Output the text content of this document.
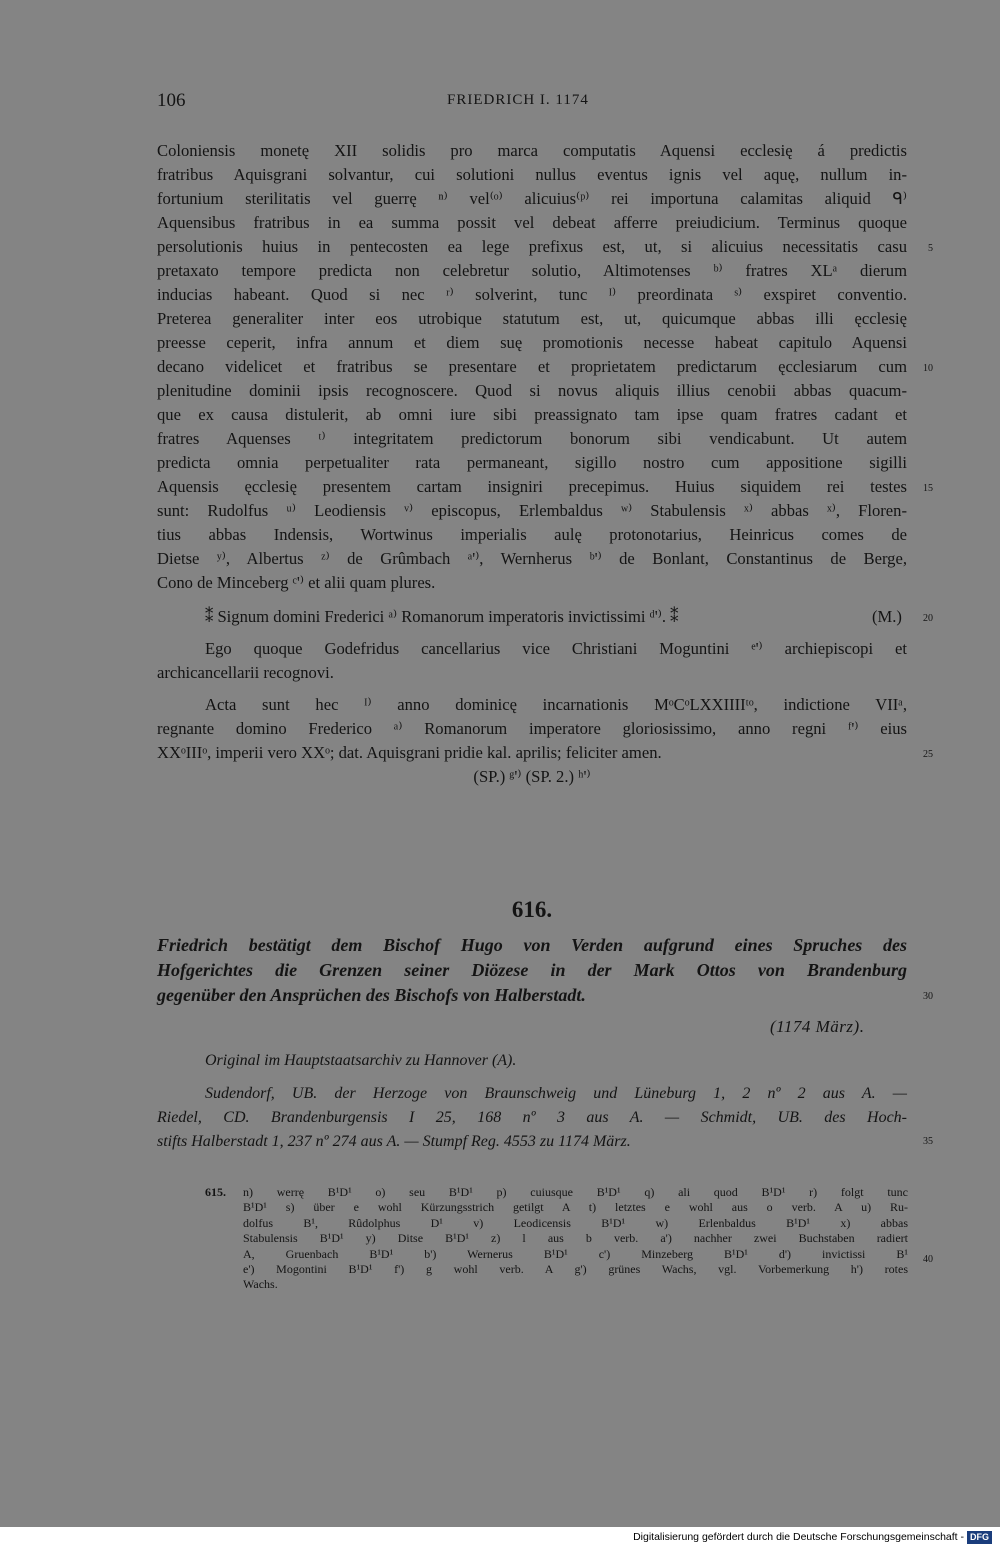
106	FRIEDRICH I. 1174
Coloniensis monetę XII solidis pro marca computatis Aquensi ecclesię á predictis
fratribus Aquisgrani solvantur, cui solutioni nullus eventus ignis vel aquę, nullum in-
fortunium sterilitatis vel guerrę ⁿ⁾ vel⁽ᵒ⁾ alicuius⁽ᵖ⁾ rei importuna calamitas aliquid ᑫ⁾
Aquensibus fratribus in ea summa possit vel debeat afferre preiudicium. Terminus quoque
persolutionis huius in pentecosten ea lege prefixus est, ut, si alicuius necessitatis casu
pretaxato tempore predicta non celebretur solutio, Altimotenses ᵇ⁾ fratres XLᵃ dierum
inducias habeant. Quod si nec ʳ⁾ solverint, tunc ᴵ⁾ preordinata ˢ⁾ exspiret conventio.
Preterea generaliter inter eos utrobique statutum est, ut, quicumque abbas illi ęcclesię
preesse ceperit, infra annum et diem suę promotionis necesse habeat capitulo Aquensi
decano videlicet et fratribus se presentare et proprietatem predictarum ęcclesiarum cum
plenitudine dominii ipsis recognoscere. Quod si novus aliquis illius cenobii abbas quacum-
que ex causa distulerit, ab omni iure sibi preassignato tam ipse quam fratres cadant et
fratres Aquenses ᵗ⁾ integritatem predictorum bonorum sibi vendicabunt. Ut autem
predicta omnia perpetualiter rata permaneant, sigillo nostro cum appositione sigilli
Aquensis ęcclesię presentem cartam insigniri precepimus. Huius siquidem rei testes
sunt: Rudolfus ᵘ⁾ Leodiensis ᵛ⁾ episcopus, Erlembaldus ʷ⁾ Stabulensis ˣ⁾ abbas ˣ⁾, Floren-
tius abbas Indensis, Wortwinus imperialis aulę protonotarius, Heinricus comes de
Dietse ʸ⁾, Albertus ᶻ⁾ de Grûmbach ᵃ'⁾, Wernherus ᵇ'⁾ de Bonlant, Constantinus de Berge,
Cono de Minceberg ᶜ'⁾ et alii quam plures.
⁑ Signum domini Frederici ᵃ⁾ Romanorum imperatoris invictissimi ᵈ'⁾. ⁑	(M.)
Ego quoque Godefridus cancellarius vice Christiani Moguntini ᵉ'⁾ archiepiscopi et
archicancellarii recognovi.
Acta sunt hec ᴵ⁾ anno dominicę incarnationis MᵒCᵒLXXIIIIᵗᵒ, indictione VIIᵃ,
regnante domino Frederico ᵃ⁾ Romanorum imperatore gloriosissimo, anno regni ᶠ'⁾ eius
XXᵒIIIᵒ, imperii vero XXᵒ; dat. Aquisgrani pridie kal. aprilis; feliciter amen.
(SP.) ᵍ'⁾ (SP. 2.) ʰ'⁾
5
10
15
20
25
30
35
40
616.
Friedrich bestätigt dem Bischof Hugo von Verden aufgrund eines Spruches des
Hofgerichtes die Grenzen seiner Diözese in der Mark Ottos von Brandenburg
gegenüber den Ansprüchen des Bischofs von Halberstadt.
(1174 März).
Original im Hauptstaatsarchiv zu Hannover (A).
Sudendorf, UB. der Herzoge von Braunschweig und Lüneburg 1, 2 nº 2 aus A. —
Riedel, CD. Brandenburgensis I 25, 168 nº 3 aus A. — Schmidt, UB. des Hoch-
stifts Halberstadt 1, 237 nº 274 aus A. — Stumpf Reg. 4553 zu 1174 März.
615. n) werrę B¹D¹ o) seu B¹D¹ p) cuiusque B¹D¹ q) ali quod B¹D¹ r) folgt tunc
B¹D¹ s) über e wohl Kürzungsstrich getilgt A t) letztes e wohl aus o verb. A u) Ru-
dolfus B¹, Rûdolphus D¹ v) Leodicensis B¹D¹ w) Erlenbaldus B¹D¹ x) abbas
Stabulensis B¹D¹ y) Ditse B¹D¹ z) l aus b verb. a') nachher zwei Buchstaben radiert
A, Gruenbach B¹D¹ b') Wernerus B¹D¹ c') Minzeberg B¹D¹ d') invictissi B¹
e') Mogontini B¹D¹ f') g wohl verb. A g') grünes Wachs, vgl. Vorbemerkung h') rotes
Wachs.
Digitalisierung gefördert durch die Deutsche Forschungsgemeinschaft - DFG
